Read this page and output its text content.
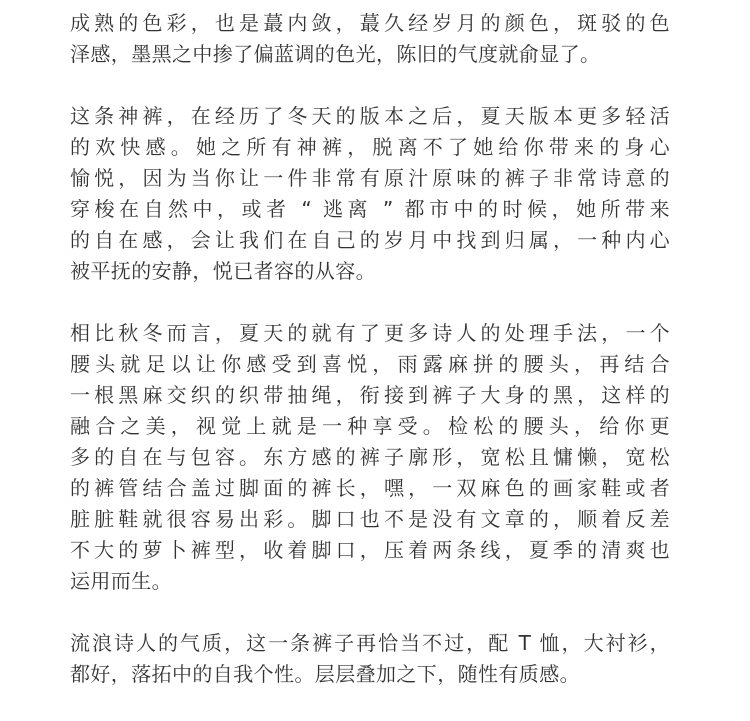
成熟的色彩，也是蕞内敛，蕞久经岁月的颜色，斑驳的色
泽感，墨黑之中掺了偏蓝调的色光，陈旧的气度就俞显了。
这条神裤，在经历了冬天的版本之后，夏天版本更多轻活
的欢快感。她之所有神裤，脱离不了她给你带来的身心
愉悦，因为当你让一件非常有原汁原味的裤子非常诗意的
穿梭在自然中，或者 “ 逃离 ” 都市中的时候，她所带来
的自在感，会让我们在自己的岁月中找到归属，一种内心
被平抚的安静，悦已者容的从容。
相比秋冬而言，夏天的就有了更多诗人的处理手法，一个
腰头就足以让你感受到喜悦，雨露麻拼的腰头，再结合
一根黑麻交织的织带抽绳，衔接到裤子大身的黑，这样的
融合之美，视觉上就是一种享受。检松的腰头，给你更
多的自在与包容。东方感的裤子廓形，宽松且慵懒，宽松
的裤管结合盖过脚面的裤长，嘿，一双麻色的画家鞋或者
脏脏鞋就很容易出彩。脚口也不是没有文章的，顺着反差
不大的萝卜裤型，收着脚口，压着两条线，夏季的清爽也
运用而生。
流浪诗人的气质，这一条裤子再恰当不过，配 T 恤，大衬衫，
都好，落拓中的自我个性。层层叠加之下，随性有质感。
